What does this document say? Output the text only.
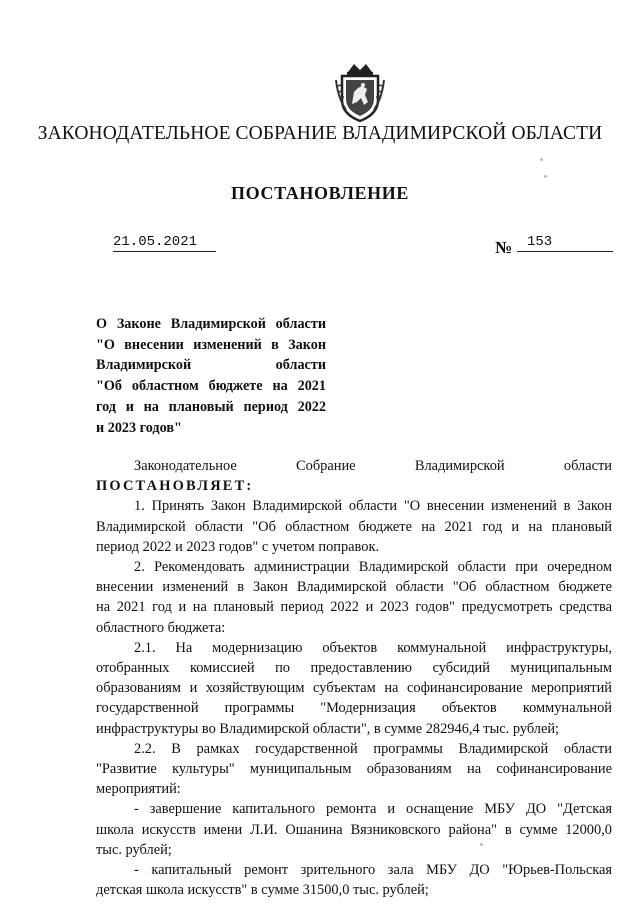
ЗАКОНОДАТЕЛЬНОЕ СОБРАНИЕ ВЛАДИМИРСКОЙ ОБЛАСТИ
ПОСТАНОВЛЕНИЕ
21.05.2021	№	153
О Законе Владимирской области
"О внесении изменений в Закон
Владимирской области
"Об областном бюджете на 2021
год и на плановый период 2022
и 2023 годов"
Законодательное Собрание Владимирской области
ПОСТАНОВЛЯЕТ:
1. Принять Закон Владимирской области "О внесении изменений в Закон
Владимирской области "Об областном бюджете на 2021 год и на плановый
период 2022 и 2023 годов" с учетом поправок.
2. Рекомендовать администрации Владимирской области при очередном
внесении изменений в Закон Владимирской области "Об областном бюджете
на 2021 год и на плановый период 2022 и 2023 годов" предусмотреть средства
областного бюджета:
2.1. На модернизацию объектов коммунальной инфраструктуры,
отобранных комиссией по предоставлению субсидий муниципальным
образованиям и хозяйствующим субъектам на софинансирование мероприятий
государственной программы "Модернизация объектов коммунальной
инфраструктуры во Владимирской области", в сумме 282946,4 тыс. рублей;
2.2. В рамках государственной программы Владимирской области
"Развитие культуры" муниципальным образованиям на софинансирование
мероприятий:
- завершение капитального ремонта и оснащение МБУ ДО "Детская
школа искусств имени Л.И. Ошанина Вязниковского района" в сумме 12000,0
тыс. рублей;
- капитальный ремонт зрительного зала МБУ ДО "Юрьев-Польская
детская школа искусств" в сумме 31500,0 тыс. рублей;
